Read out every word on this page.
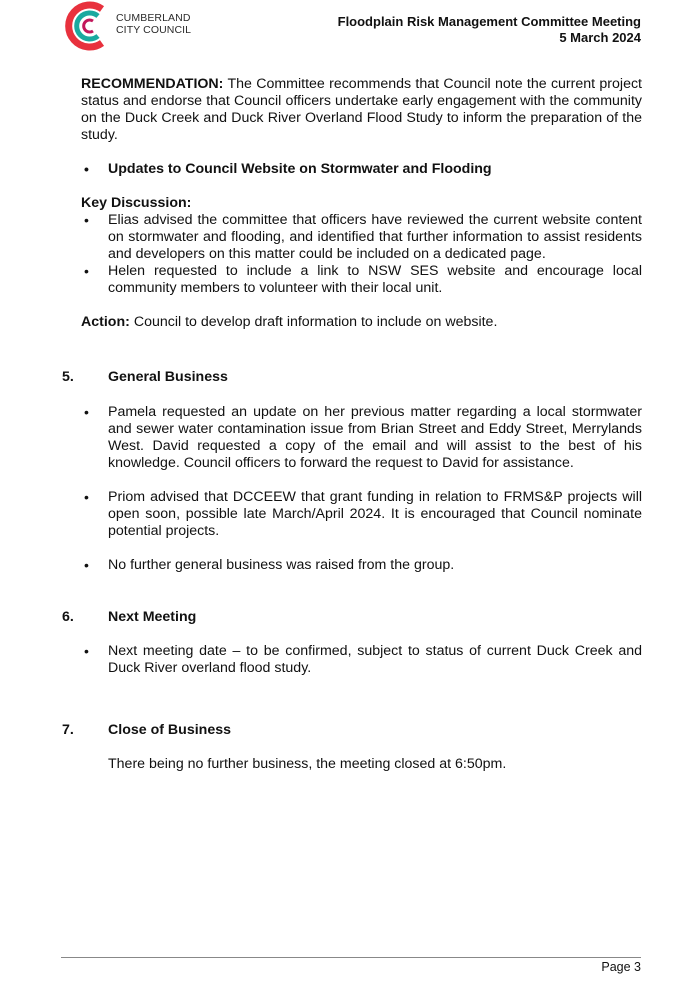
CUMBERLAND
CITY COUNCIL
Floodplain Risk Management Committee Meeting
5 March 2024

RECOMMENDATION: The Committee recommends that Council note the current project status and endorse that Council officers undertake early engagement with the community on the Duck Creek and Duck River Overland Flood Study to inform the preparation of the study.

• Updates to Council Website on Stormwater and Flooding
Key Discussion:
• Elias advised the committee that officers have reviewed the current website content on stormwater and flooding, and identified that further information to assist residents and developers on this matter could be included on a dedicated page.
• Helen requested to include a link to NSW SES website and encourage local community members to volunteer with their local unit.

Action: Council to develop draft information to include on website.

5. General Business
• Pamela requested an update on her previous matter regarding a local stormwater and sewer water contamination issue from Brian Street and Eddy Street, Merrylands West. David requested a copy of the email and will assist to the best of his knowledge. Council officers to forward the request to David for assistance.
• Priom advised that DCCEEW that grant funding in relation to FRMS&P projects will open soon, possible late March/April 2024. It is encouraged that Council nominate potential projects.
• No further general business was raised from the group.
6. Next Meeting
• Next meeting date – to be confirmed, subject to status of current Duck Creek and Duck River overland flood study.
7. Close of Business
There being no further business, the meeting closed at 6:50pm.
Page 3
